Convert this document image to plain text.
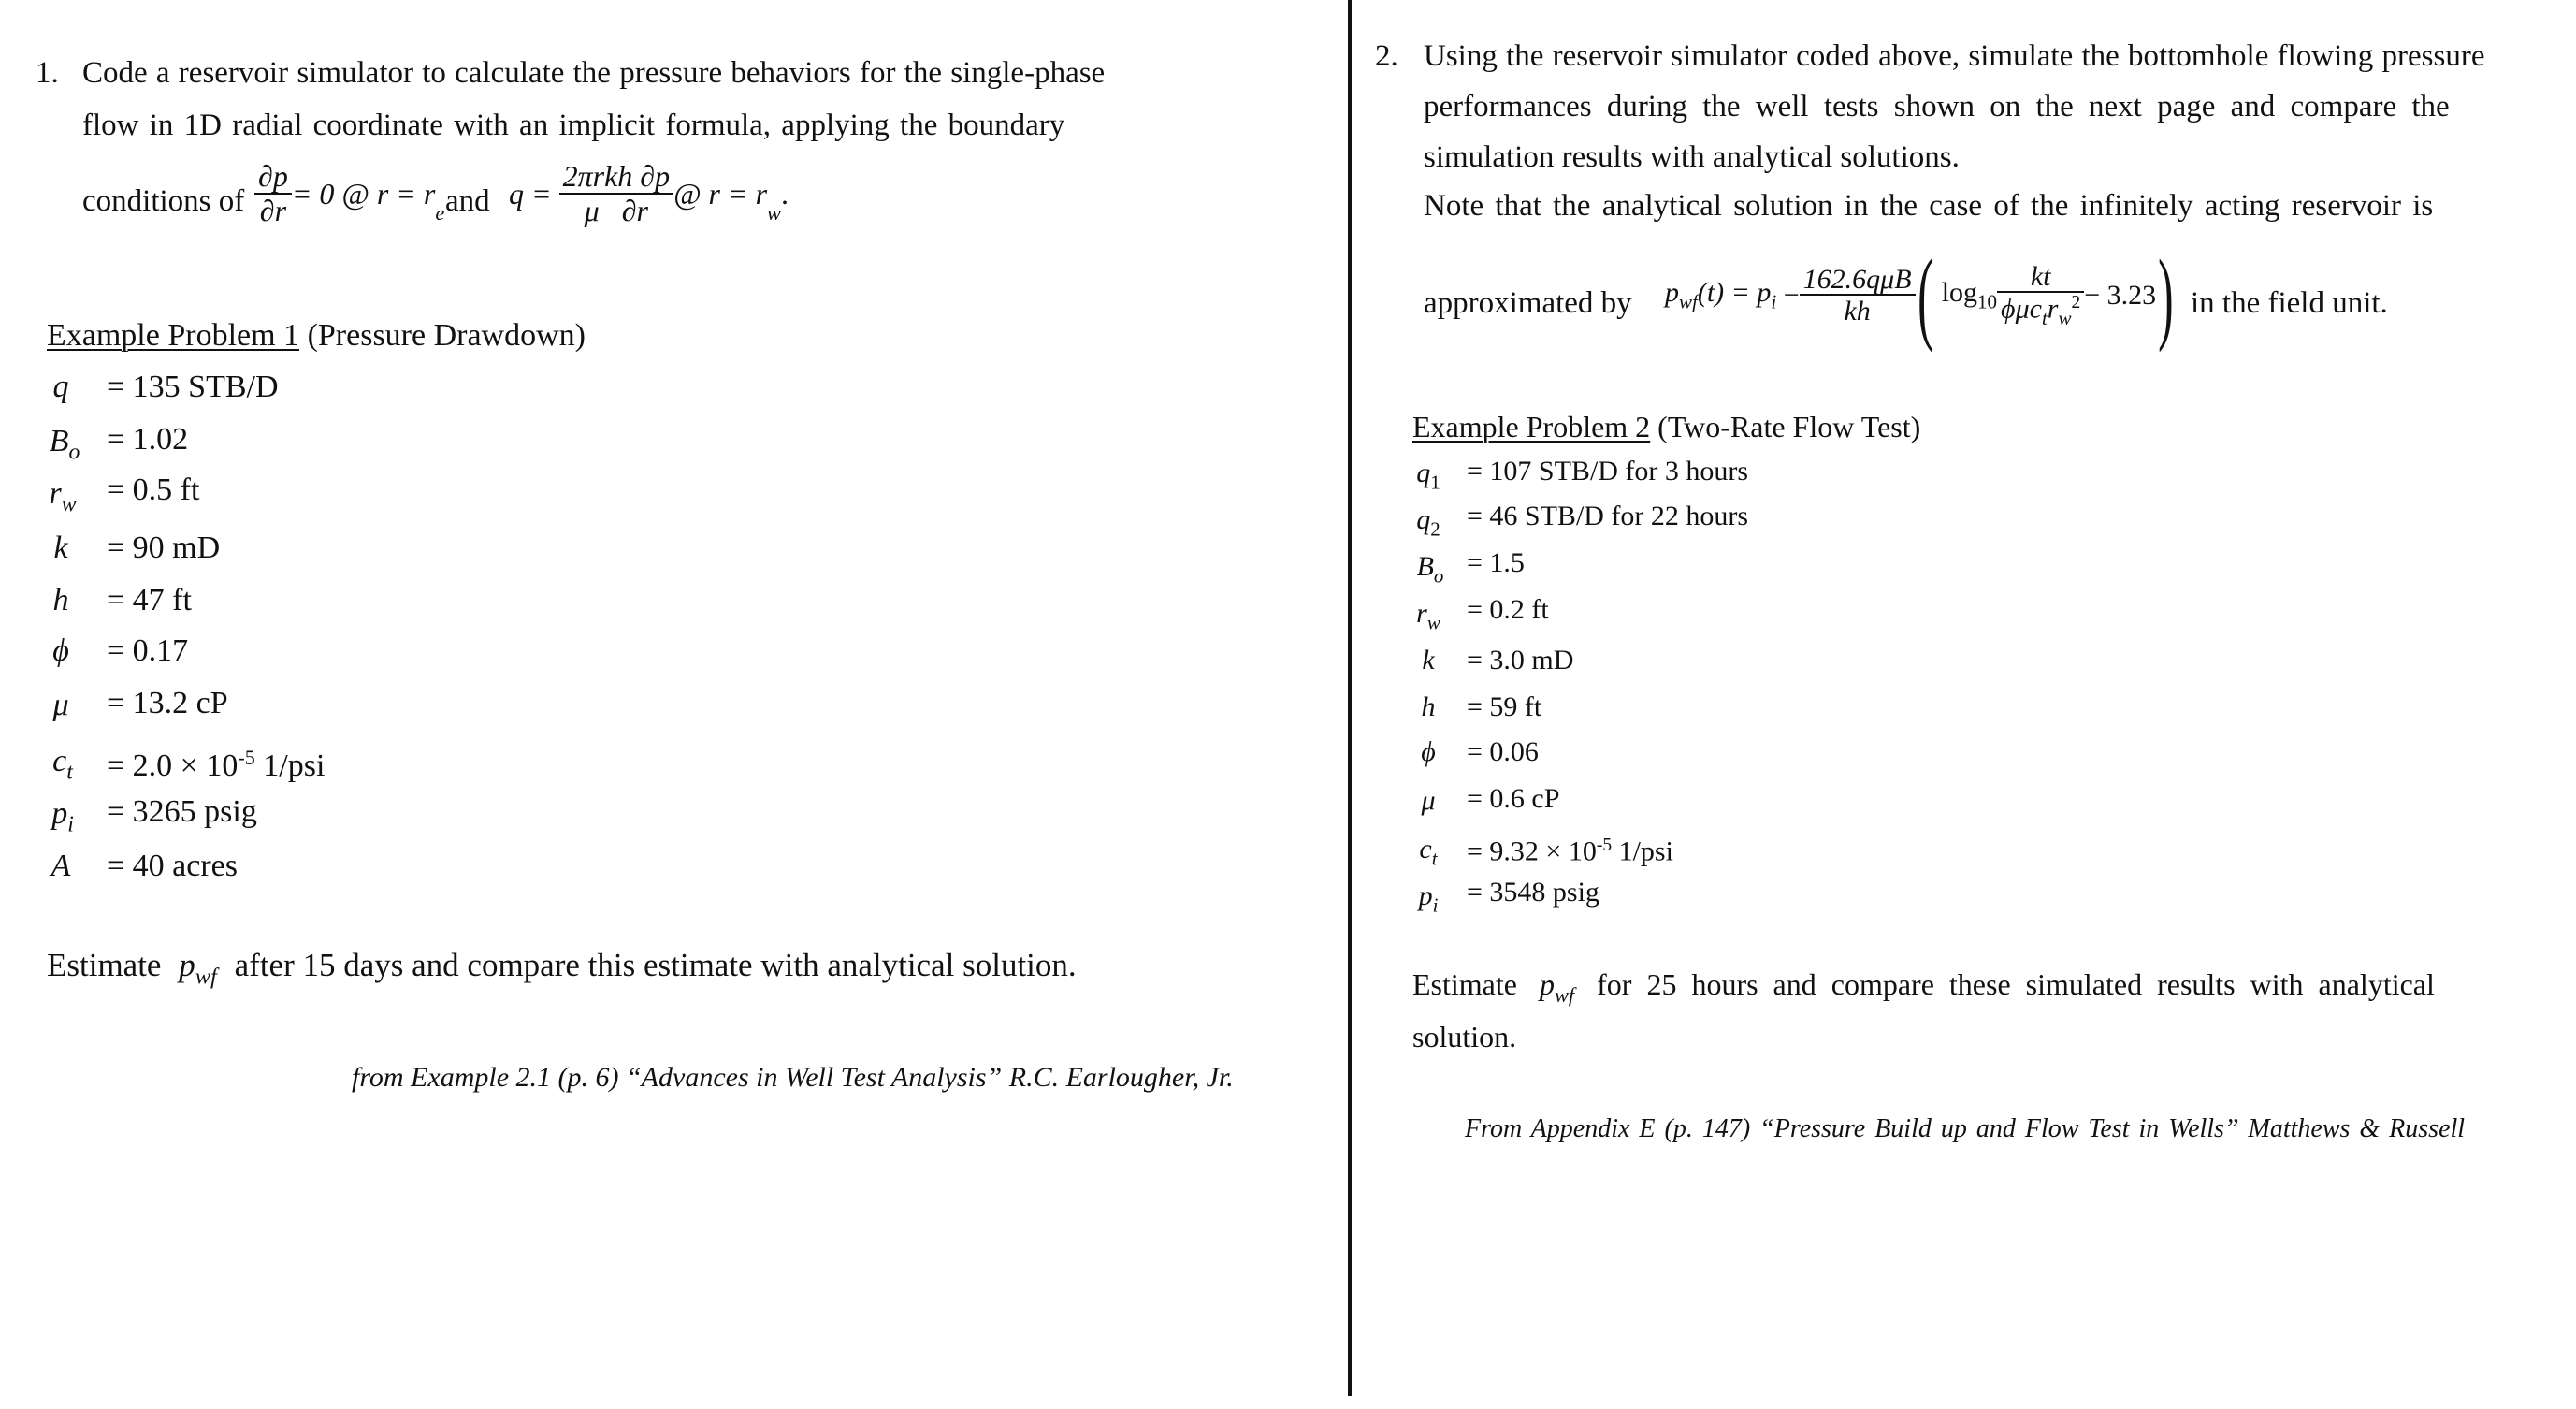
1. Code a reservoir simulator to calculate the pressure behaviors for the single-phase
flow in 1D radial coordinate with an implicit formula, applying the boundary
conditions of $\frac{\partial p}{\partial r} = 0$ @ $r = r_e$ and $q = \frac{\text{2πrkh ∂p}}{\mu \partial r}$ @ $r = r_w$.
Example Problem 1 (Pressure Drawdown)
q	= 135 STB/D
$B_o = 1.02$
$r_w = 0.5$ ft
k	= 90 mD
h	= 47 ft
ϕ	= 0.17
μ	= 13.2 cP
$c_t$	= $2.0 \times 10^{-5}$ 1/psi
$p_i$	= 3265 psig
A	= 40 acres
Estimate $p_{wf}$ after 15 days and compare this estimate with analytical solution.
from Example 2.1 (p. 6) “Advances in Well Test Analysis” R.C. Earlougher, Jr.
2. Using the reservoir simulator coded above, simulate the bottomhole flowing pressure
performances during the well tests shown on the next page and compare the
simulation results with analytical solutions.
Note that the analytical solution in the case of the infinitely acting reservoir is
approximated by $p_{wf}(t) = p_i - \frac{\text{162.6qμB}}{kh}$ ( $\log_{10} \frac{kt}{\phi\mu c_tr_w^2} - 3.23$) in the field unit.
Example Problem 2 (Two-Rate Flow Test)
$q_1 = 107$ STB/D for 3 hours
$q_2 = 46$ STB/D for 22 hours
$B_o = 1.5$
$r_w = 0.2$ ft
k	= 3.0 mD
h	= 59 ft
ϕ	= 0.06
μ	= 0.6 cP
$c_t$	= $9.32 \times 10^{-5}$ 1/psi
$p_i$	= 3548 psig
Estimate $p_{wf}$ for 25 hours and compare these simulated results with analytical
solution.
From Appendix E (p. 147) “Pressure Build up and Flow Test in Wells” Matthews & Russell
